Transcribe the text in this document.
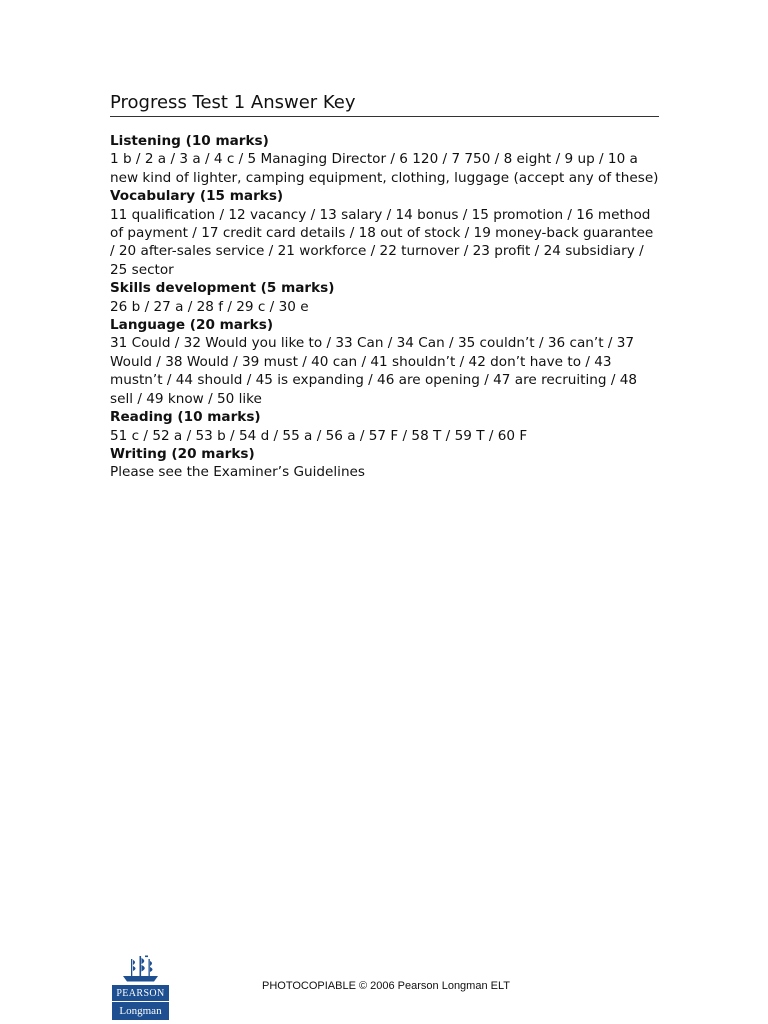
Progress Test 1 Answer Key

Listening (10 marks)

1 b / 2 a / 3 a / 4 c / 5 Managing Director / 6 120 / 7 750 / 8 eight / 9 up / 10 a new kind of lighter, camping equipment, clothing, luggage (accept any of these)

Vocabulary (15 marks)

11 qualification / 12 vacancy / 13 salary / 14 bonus / 15 promotion / 16 method of payment / 17 credit card details / 18 out of stock / 19 money-back guarantee / 20 after-sales service / 21 workforce / 22 turnover / 23 profit / 24 subsidiary / 25 sector

Skills development (5 marks)

26 b / 27 a / 28 f / 29 c / 30 e

Language (20 marks)

31 Could / 32 Would you like to / 33 Can / 34 Can / 35 couldn’t / 36 can’t / 37 Would / 38 Would / 39 must / 40 can / 41 shouldn’t / 42 don’t have to / 43 mustn’t / 44 should / 45 is expanding / 46 are opening / 47 are recruiting / 48 sell / 49 know / 50 like

Reading (10 marks)

51 c / 52 a / 53 b / 54 d / 55 a / 56 a / 57 F / 58 T / 59 T / 60 F

Writing (20 marks)

Please see the Examiner’s Guidelines

PEARSON
Longman
PHOTOCOPIABLE © 2006 Pearson Longman ELT
